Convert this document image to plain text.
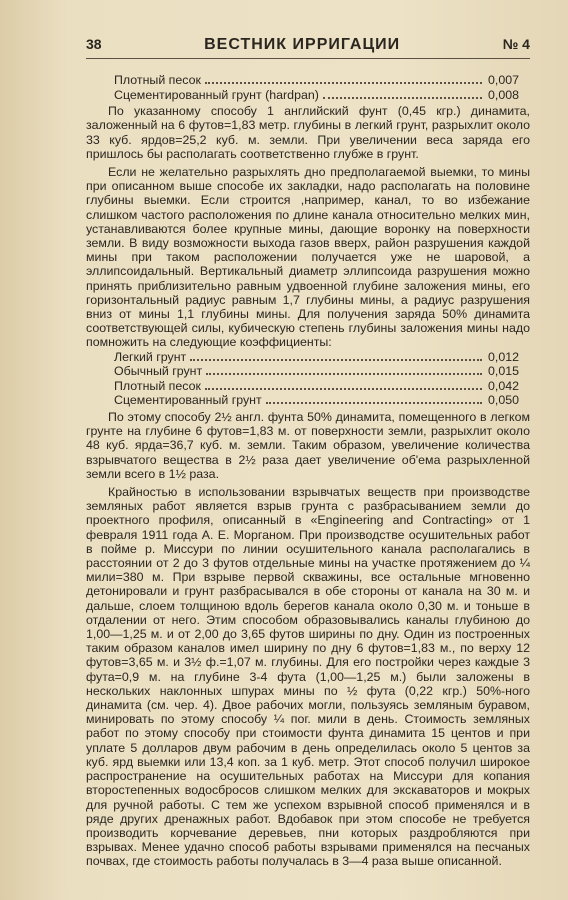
38	ВЕСТНИК ИРРИГАЦИИ	№ 4
Плотный песок	0,007
Сцементированный грунт (hardpan)	0,008

По указанному способу 1 английский фунт (0,45 кгр.) динамита, заложенный на 6 футов=1,83 метр. глубины в легкий грунт, разрыхлит около 33 куб. ярдов=25,2 куб. м. земли. При увеличении веса заряда его пришлось бы располагать соответственно глубже в грунт.

Если не желательно разрыхлять дно предполагаемой выемки, то мины при описанном выше способе их закладки, надо располагать на половине глубины выемки. Если строится ,например, канал, то во избежание слишком частого расположения по длине канала относительно мелких мин, устанавливаются более крупные мины, дающие воронку на поверхности земли. В виду возможности выхода газов вверх, район разрушения каждой мины при таком расположении получается уже не шаровой, а эллипсоидальный. Вертикальный диаметр эллипсоида разрушения можно принять приблизительно равным удвоенной глубине заложения мины, его горизонтальный радиус равным 1,7 глубины мины, а радиус разрушения вниз от мины 1,1 глубины мины. Для получения заряда 50% динамита соответствующей силы, кубическую степень глубины заложения мины надо помножить на следующие коэффициенты:

Легкий грунт	0,012
Обычный грунт	0,015
Плотный песок	0,042
Сцементированный грунт	0,050

По этому способу 2½ англ. фунта 50% динамита, помещенного в легком грунте на глубине 6 футов=1,83 м. от поверхности земли, разрыхлит около 48 куб. ярда=36,7 куб. м. земли. Таким образом, увеличение количества взрывчатого вещества в 2½ раза дает увеличение об'ема разрыхленной земли всего в 1½ раза.

Крайностью в использовании взрывчатых веществ при производстве земляных работ является взрыв грунта с разбрасыванием земли до проектного профиля, описанный в «Engineering and Contracting» от 1 февраля 1911 года А. Е. Морганом. При производстве осушительных работ в пойме р. Миссури по линии осушительного канала располагались в расстоянии от 2 до 3 футов отдельные мины на участке протяжением до ¼ мили=380 м. При взрыве первой скважины, все остальные мгновенно детонировали и грунт разбрасывался в обе стороны от канала на 30 м. и дальше, слоем толщиною вдоль берегов канала около 0,30 м. и тоньше в отдалении от него. Этим способом образовывались каналы глубиною до 1,00—1,25 м. и от 2,00 до 3,65 футов ширины по дну. Один из построенных таким образом каналов имел ширину по дну 6 футов=1,83 м., по верху 12 футов=3,65 м. и 3½ ф.=1,07 м. глубины. Для его постройки через каждые 3 фута=0,9 м. на глубине 3-4 фута (1,00—1,25 м.) были заложены в нескольких наклонных шпурах мины по ½ фута (0,22 кгр.) 50%-ного динамита (см. чер. 4). Двое рабочих могли, пользуясь земляным буравом, минировать по этому способу ¼ пог. мили в день. Стоимость земляных работ по этому способу при стоимости фунта динамита 15 центов и при уплате 5 долларов двум рабочим в день определилась около 5 центов за куб. ярд выемки или 13,4 коп. за 1 куб. метр. Этот способ получил широкое распространение на осушительных работах на Миссури для копания второстепенных водосбросов слишком мелких для экскаваторов и мокрых для ручной работы. С тем же успехом взрывной способ применялся и в ряде других дренажных работ. Вдобавок при этом способе не требуется производить корчевание деревьев, пни которых раздробляются при взрывах. Менее удачно способ работы взрывами применялся на песчаных почвах, где стоимость работы получалась в 3—4 раза выше описанной.
